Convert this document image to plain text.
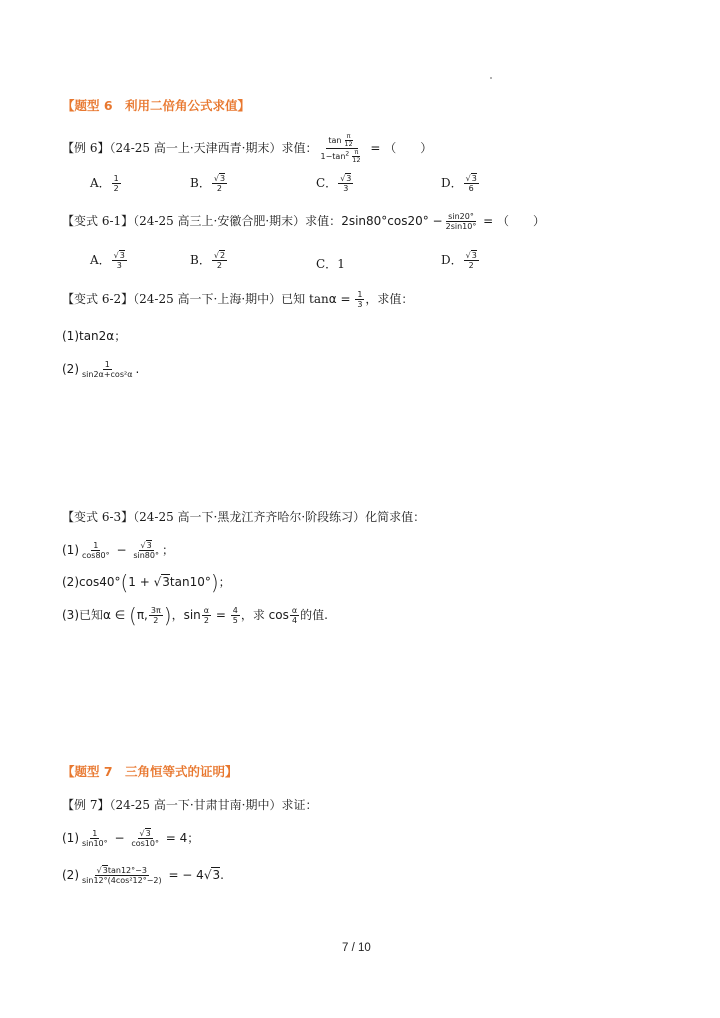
【题型 6　利用二倍角公式求值】
【例 6】（24-25 高一上·天津西青·期末）求值： $\frac{\tan \frac{\pi}{12}}{1-\tan^2 \frac{\pi}{12}}$ = （　　）
A． $\frac{1}{2}$	B． $\frac{√3}{2}$	C． $\frac{√3}{3}$	D． $\frac{√3}{6}$
【变式 6-1】（24-25 高三上·安徽合肥·期末）求值：$2\sin 80^\circ\cos 20^\circ - \frac{\sin 20^\circ}{2\sin 10^\circ}$ = （　　）
A． $\frac{√3}{3}$	B． $\frac{√2}{2}$	C．1	D． $\frac{√3}{2}$
【变式 6-2】（24-25 高一下·上海·期中）已知 $\tan\alpha = \frac{1}{3}$ ，求值：
(1)tan2α；
$(2) \frac{1}{\text{sin2α+cos²α}}$ .
【变式 6-3】（24-25 高一下·黑龙江齐齐哈尔·阶段练习）化简求值：
$(1) \frac{1}{\cos 80^\circ} - \frac{√3}{\sin 80^\circ}$ ；
(2)cos40°(1 + √3tan10°)；
(3)已知α ∈ (π, $\frac{3\pi}{2}$ )，$\sin \frac{\alpha}{2} = \frac{4}{5}$ ，求 $\cos \frac{\alpha}{4}$ 的值.
【题型 7　三角恒等式的证明】
【例 7】（24-25 高一下·甘肃甘南·期中）求证：
$(1) \frac{1}{\sin 10^\circ} - \frac{√3}{\cos 10^\circ} = 4$；
$(2) \frac{√3\tan 12^\circ-3}{\text{sin12°(4cos²12°−2)}}$ = − 4√3.
7 / 10
